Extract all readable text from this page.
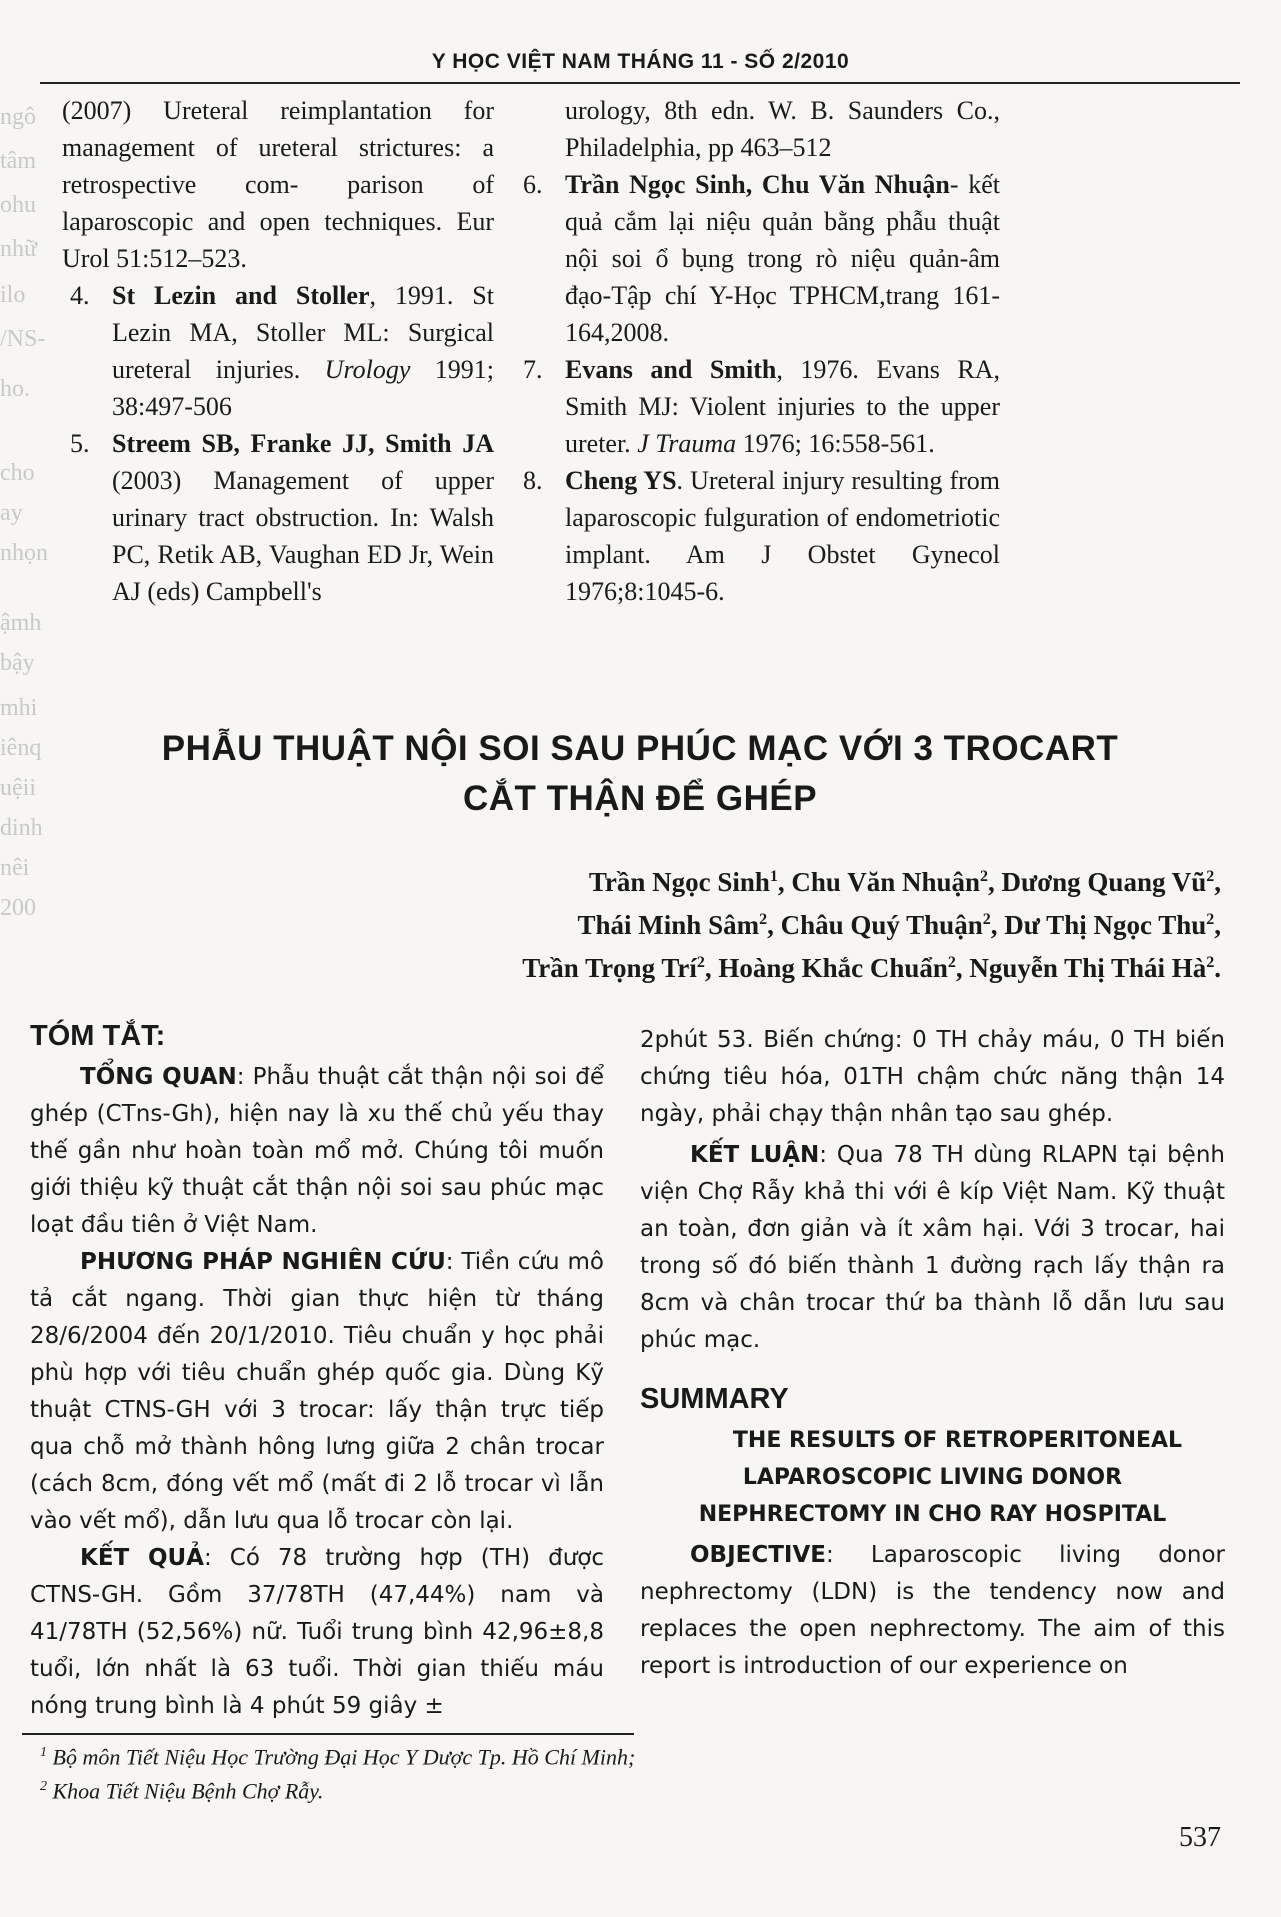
ngô
tâm
ohu
nhữ
ilo
/NS-
ho.
cho
ay
nhọn
ậmh
bậy
mhi
iênq
uệii
dinh
nêi
200
Y HỌC VIỆT NAM THÁNG 11 - SỐ 2/2010

(2007) Ureteral reimplantation for management of ureteral strictures: a retrospective com- parison of laparoscopic and open techniques. Eur Urol 51:512–523.

4. St Lezin and Stoller, 1991. St Lezin MA, Stoller ML: Surgical ureteral injuries. Urology 1991; 38:497-506

5. Streem SB, Franke JJ, Smith JA (2003) Management of upper urinary tract obstruction. In: Walsh PC, Retik AB, Vaughan ED Jr, Wein AJ (eds) Campbell's

urology, 8th edn. W. B. Saunders Co., Philadelphia, pp 463–512

6. Trần Ngọc Sinh, Chu Văn Nhuận- kết quả cắm lại niệu quản bằng phẫu thuật nội soi ổ bụng trong rò niệu quản-âm đạo-Tập chí Y-Học TPHCM,trang 161-164,2008.

7. Evans and Smith, 1976. Evans RA, Smith MJ: Violent injuries to the upper ureter. J Trauma 1976; 16:558-561.

8. Cheng YS. Ureteral injury resulting from laparoscopic fulguration of endometriotic implant. Am J Obstet Gynecol 1976;8:1045-6.

PHẪU THUẬT NỘI SOI SAU PHÚC MẠC VỚI 3 TROCART
CẮT THẬN ĐỂ GHÉP
Trần Ngọc Sinh$^1$, Chu Văn Nhuận$^2$, Dương Quang $Vũ^2$,
Thái Minh Sâm$^2$, Châu Quý Thuận$^2$, Dư Thị Ngọc Thu$^2$,
Trần Trọng Trí$^2$, Hoàng Khắc Chuẩn$^2$, Nguyễn Thị Thái $Hà^2$.
TÓM TẮT:

TỔNG QUAN: Phẫu thuật cắt thận nội soi để ghép (CTns-Gh), hiện nay là xu thế chủ yếu thay thế gần như hoàn toàn mổ mở. Chúng tôi muốn giới thiệu kỹ thuật cắt thận nội soi sau phúc mạc loạt đầu tiên ở Việt Nam.

PHƯƠNG PHÁP NGHIÊN CỨU: Tiền cứu mô tả cắt ngang. Thời gian thực hiện từ tháng 28/6/2004 đến 20/1/2010. Tiêu chuẩn y học phải phù hợp với tiêu chuẩn ghép quốc gia. Dùng Kỹ thuật CTNS-GH với 3 trocar: lấy thận trực tiếp qua chỗ mở thành hông lưng giữa 2 chân trocar (cách 8cm, đóng vết mổ (mất đi 2 lỗ trocar vì lẫn vào vết mổ), dẫn lưu qua lỗ trocar còn lại.

KẾT QUẢ: Có 78 trường hợp (TH) được CTNS-GH. Gồm 37/78TH (47,44%) nam và 41/78TH (52,56%) nữ. Tuổi trung bình 42,96±8,8 tuổi, lớn nhất là 63 tuổi. Thời gian thiếu máu nóng trung bình là 4 phút 59 giây ±

2phút 53. Biến chứng: 0 TH chảy máu, 0 TH biến chứng tiêu hóa, 01TH chậm chức năng thận 14 ngày, phải chạy thận nhân tạo sau ghép.

KẾT LUẬN: Qua 78 TH dùng RLAPN tại bệnh viện Chợ Rẫy khả thi với ê kíp Việt Nam. Kỹ thuật an toàn, đơn giản và ít xâm hại. Với 3 trocar, hai trong số đó biến thành 1 đường rạch lấy thận ra 8cm và chân trocar thứ ba thành lỗ dẫn lưu sau phúc mạc.

SUMMARY

THE RESULTS OF RETROPERITONEAL LAPAROSCOPIC LIVING DONOR NEPHRECTOMY IN CHO RAY HOSPITAL

OBJECTIVE: Laparoscopic living donor nephrectomy (LDN) is the tendency now and replaces the open nephrectomy. The aim of this report is introduction of our experience on

$^1$ Bộ môn Tiết Niệu Học Trường Đại Học Y Dược Tp. Hồ Chí Minh;
$^2$ Khoa Tiết Niệu Bệnh Chợ Rẫy.
537
